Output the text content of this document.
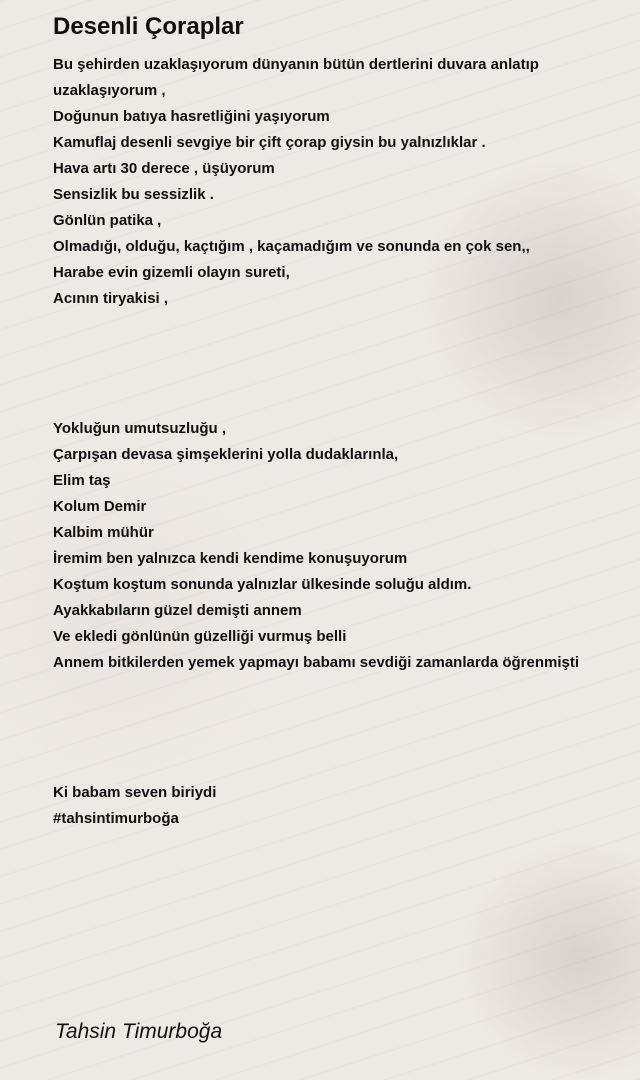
Desenli Çoraplar
Bu şehirden uzaklaşıyorum dünyanın bütün dertlerini duvara anlatıp uzaklaşıyorum ,
Doğunun batıya hasretliğini yaşıyorum
Kamuflaj desenli sevgiye bir çift çorap giysin bu yalnızlıklar .
Hava artı 30 derece , üşüyorum
Sensizlik bu sessizlik .
Gönlün patika ,
Olmadığı, olduğu, kaçtığım , kaçamadığım ve sonunda en çok sen,,
Harabe evin gizemli olayın sureti,
Acının tiryakisi ,
Yokluğun umutsuzluğu ,
Çarpışan devasa şimşeklerini yolla dudaklarınla,
Elim taş
Kolum Demir
Kalbim mühür
İremim ben yalnızca kendi kendime konuşuyorum
Koştum koştum sonunda yalnızlar ülkesinde soluğu aldım.
Ayakkabıların güzel demişti annem
Ve ekledi gönlünün güzelliği vurmuş belli
Annem bitkilerden yemek yapmayı babamı sevdiği zamanlarda öğrenmişti
Ki babam seven biriydi
#tahsintimurboğa
Tahsin Timurboğa
